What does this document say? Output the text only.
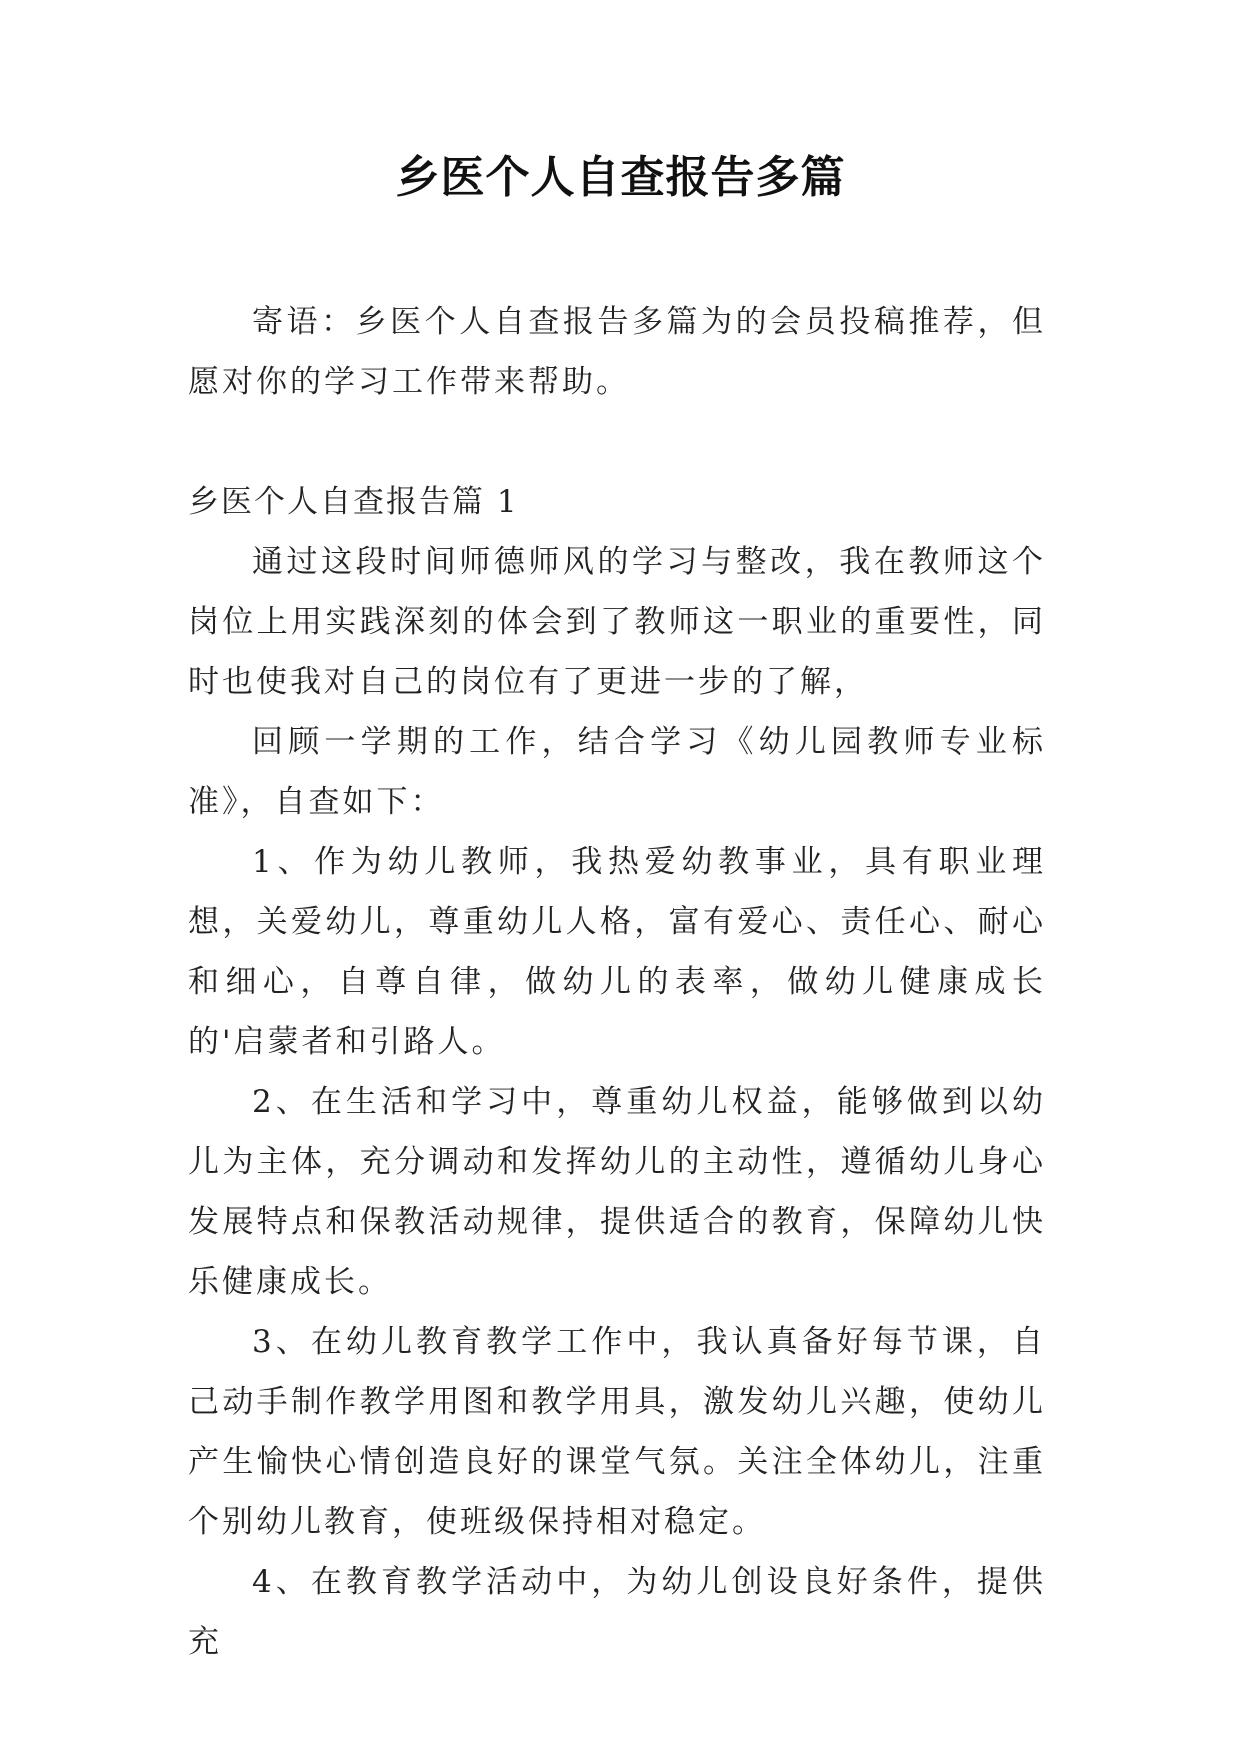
乡医个人自查报告多篇

寄语：乡医个人自查报告多篇为的会员投稿推荐，但愿对你的学习工作带来帮助。

乡医个人自查报告篇 1

通过这段时间师德师风的学习与整改，我在教师这个岗位上用实践深刻的体会到了教师这一职业的重要性，同时也使我对自己的岗位有了更进一步的了解，

回顾一学期的工作，结合学习《幼儿园教师专业标准》，自查如下：

1、作为幼儿教师，我热爱幼教事业，具有职业理想，关爱幼儿，尊重幼儿人格，富有爱心、责任心、耐心和细心，自尊自律，做幼儿的表率，做幼儿健康成长的'启蒙者和引路人。

2、在生活和学习中，尊重幼儿权益，能够做到以幼儿为主体，充分调动和发挥幼儿的主动性，遵循幼儿身心发展特点和保教活动规律，提供适合的教育，保障幼儿快乐健康成长。

3、在幼儿教育教学工作中，我认真备好每节课，自己动手制作教学用图和教学用具，激发幼儿兴趣，使幼儿产生愉快心情创造良好的课堂气氛。关注全体幼儿，注重个别幼儿教育，使班级保持相对稳定。

4、在教育教学活动中，为幼儿创设良好条件，提供充
